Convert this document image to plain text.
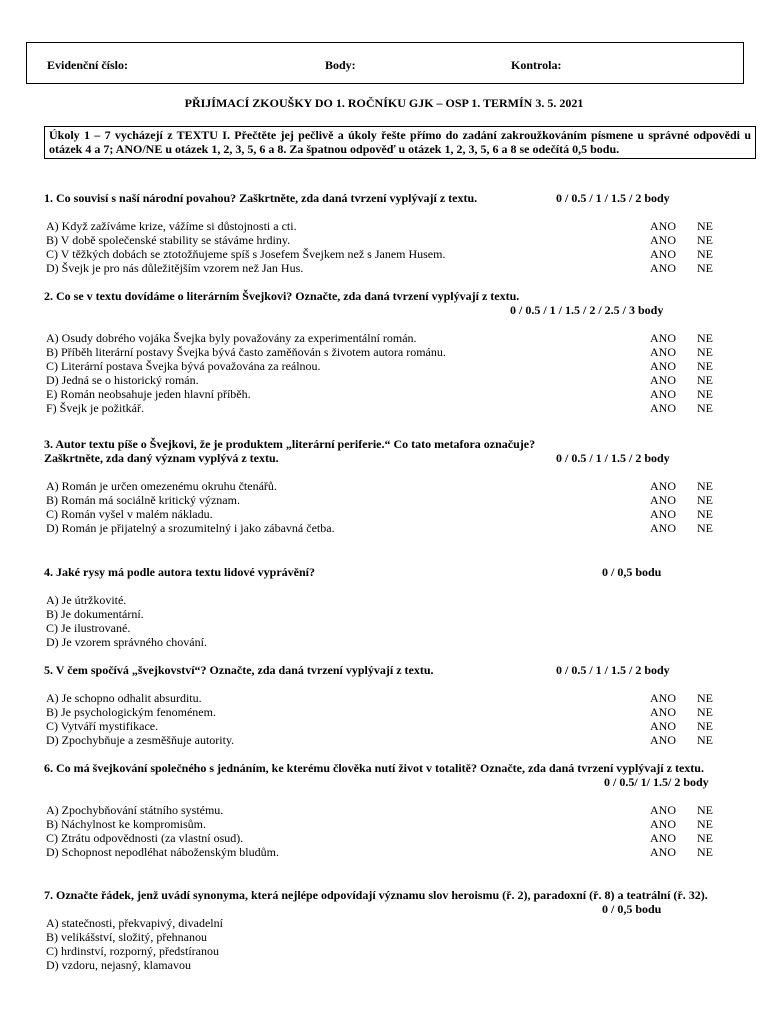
Evidenční číslo:	Body:	Kontrola:
PŘIJÍMACÍ ZKOUŠKY DO 1. ROČNÍKU GJK – OSP 1. TERMÍN 3. 5. 2021
Úkoly 1 – 7 vycházejí z TEXTU I. Přečtěte jej pečlivě a úkoly řešte přímo do zadání zakroužkováním písmene u správné odpovědi u otázek 4 a 7; ANO/NE u otázek 1, 2, 3, 5, 6 a 8. Za špatnou odpověď u otázek 1, 2, 3, 5, 6 a 8 se odečítá 0,5 bodu.
1. Co souvisí s naší národní povahou? Zaškrtněte, zda daná tvrzení vyplývají z textu.	0 / 0.5 / 1 / 1.5 / 2 body
A) Když zažíváme krize, vážíme si důstojnosti a cti.	ANO NE
B) V době společenské stability se stáváme hrdiny.	ANO NE
C) V těžkých dobách se ztotožňujeme spíš s Josefem Švejkem než s Janem Husem.	ANO NE
D) Švejk je pro nás důležitějším vzorem než Jan Hus.	ANO NE
2. Co se v textu dovídáme o literárním Švejkovi? Označte, zda daná tvrzení vyplývají z textu.
0 / 0.5 / 1 / 1.5 / 2 / 2.5 / 3 body
A) Osudy dobrého vojáka Švejka byly považovány za experimentální román.	ANO NE
B) Příběh literární postavy Švejka bývá často zaměňován s životem autora románu.	ANO NE
C) Literární postava Švejka bývá považována za reálnou.	ANO NE
D) Jedná se o historický román.	ANO NE
E) Román neobsahuje jeden hlavní příběh.	ANO NE
F) Švejk je požitkář.	ANO NE
3. Autor textu píše o Švejkovi, že je produktem „literární periferie.“ Co tato metafora označuje?
Zaškrtněte, zda daný význam vyplývá z textu.	0 / 0.5 / 1 / 1.5 / 2 body
A) Román je určen omezenému okruhu čtenářů.	ANO NE
B) Román má sociálně kritický význam.	ANO NE
C) Román vyšel v malém nákladu.	ANO NE
D) Román je přijatelný a srozumitelný i jako zábavná četba.	ANO NE
4. Jaké rysy má podle autora textu lidové vyprávění?	0 / 0,5 bodu
A) Je útržkovité.
B) Je dokumentární.
C) Je ilustrované.
D) Je vzorem správného chování.
5. V čem spočívá „švejkovství“? Označte, zda daná tvrzení vyplývají z textu.	0 / 0.5 / 1 / 1.5 / 2 body
A) Je schopno odhalit absurditu.	ANO NE
B) Je psychologickým fenoménem.	ANO NE
C) Vytváří mystifikace.	ANO NE
D) Zpochybňuje a zesměšňuje autority.	ANO NE
6. Co má švejkování společného s jednáním, ke kterému člověka nutí život v totalitě? Označte, zda daná tvrzení vyplývají z textu.
0 / 0.5/ 1/ 1.5/ 2 body
A) Zpochybňování státního systému.	ANO NE
B) Náchylnost ke kompromisům.	ANO NE
C) Ztrátu odpovědnosti (za vlastní osud).	ANO NE
D) Schopnost nepodléhat náboženským bludům.	ANO NE
7. Označte řádek, jenž uvádí synonyma, která nejlépe odpovídají významu slov heroismu (ř. 2), paradoxní (ř. 8) a teatrální (ř. 32).
0 / 0,5 bodu
A) statečnosti, překvapivý, divadelní
B) velikášství, složitý, přehnanou
C) hrdinství, rozporný, předstíranou
D) vzdoru, nejasný, klamavou
